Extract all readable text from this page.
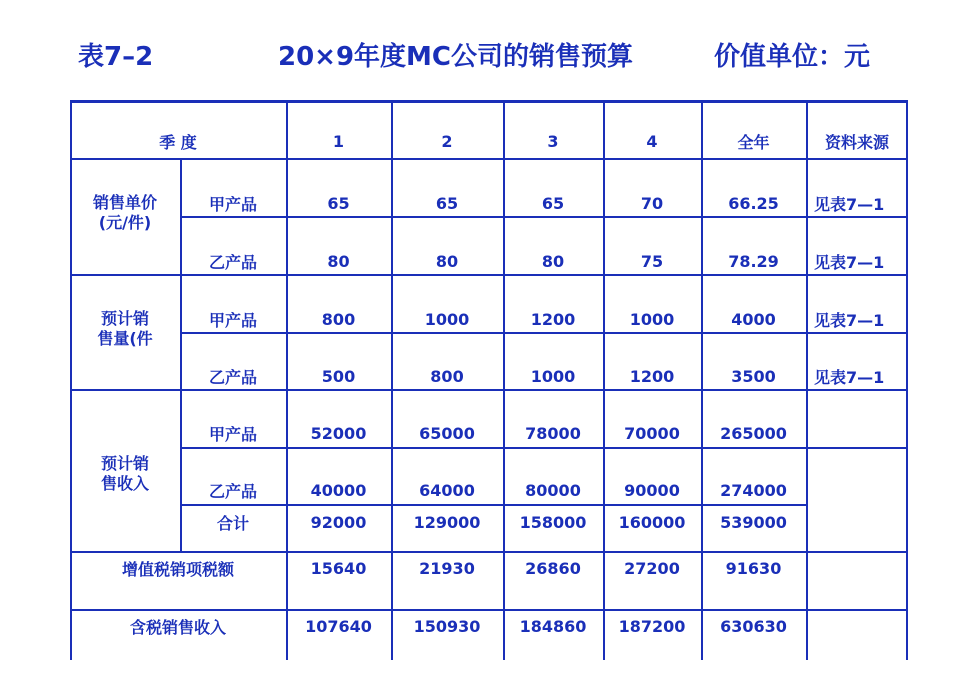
表7–2	20×9年度MC公司的销售预算	价值单位：元
季 度	1	2	3	4	全年	资料来源
销售单价
(元/件)
甲产品	65	65	65	70	66.25	见表7—1
乙产品	80	80	80	75	78.29	见表7—1
预计销
售量(件
甲产品	800	1000	1200	1000	4000	见表7—1
乙产品	500	800	1000	1200	3500	见表7—1
预计销
售收入
甲产品	52000	65000	78000	70000	265000
乙产品	40000	64000	80000	90000	274000
合计	92000	129000	158000	160000	539000
增值税销项税额	15640	21930	26860	27200	91630
含税销售收入	107640	150930	184860	187200	630630
